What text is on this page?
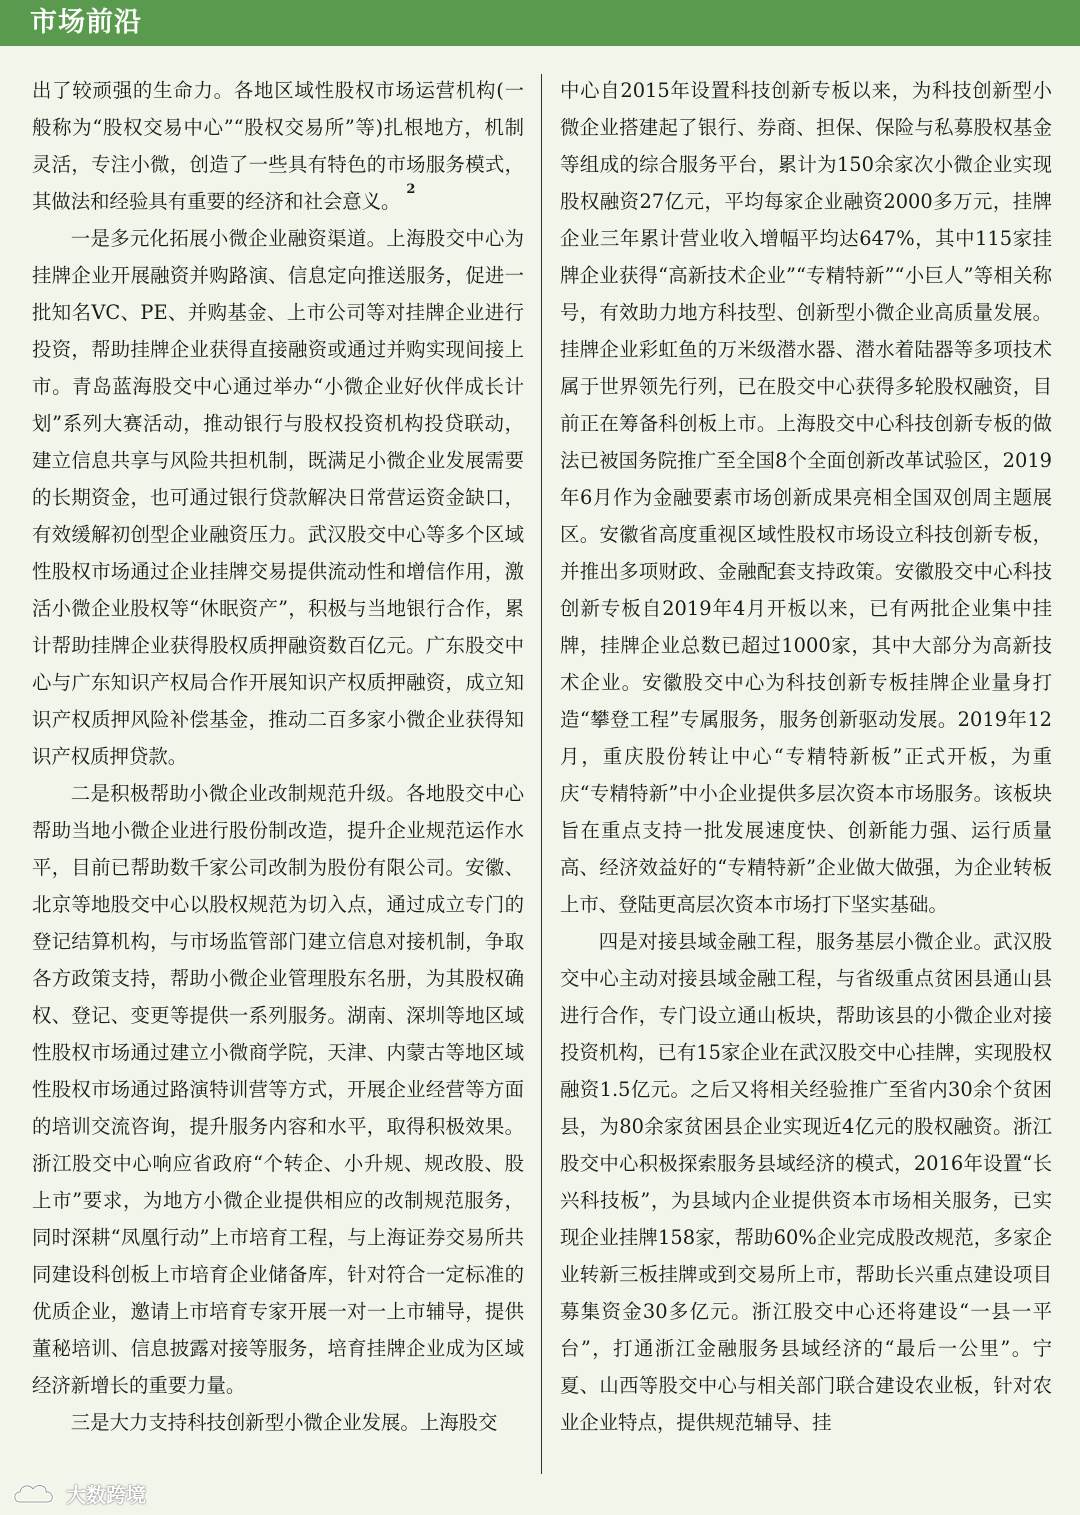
市场前沿

出了较顽强的生命力。各地区域性股权市场运营机构(一般称为“股权交易中心”“股权交易所”等)扎根地方，机制灵活，专注小微，创造了一些具有特色的市场服务模式，其做法和经验具有重要的经济和社会意义。$^2$

一是多元化拓展小微企业融资渠道。上海股交中心为挂牌企业开展融资并购路演、信息定向推送服务，促进一批知名VC、PE、并购基金、上市公司等对挂牌企业进行投资，帮助挂牌企业获得直接融资或通过并购实现间接上市。青岛蓝海股交中心通过举办“小微企业好伙伴成长计划”系列大赛活动，推动银行与股权投资机构投贷联动，建立信息共享与风险共担机制，既满足小微企业发展需要的长期资金，也可通过银行贷款解决日常营运资金缺口，有效缓解初创型企业融资压力。武汉股交中心等多个区域性股权市场通过企业挂牌交易提供流动性和增信作用，激活小微企业股权等“休眠资产”，积极与当地银行合作，累计帮助挂牌企业获得股权质押融资数百亿元。广东股交中心与广东知识产权局合作开展知识产权质押融资，成立知识产权质押风险补偿基金，推动二百多家小微企业获得知识产权质押贷款。

二是积极帮助小微企业改制规范升级。各地股交中心帮助当地小微企业进行股份制改造，提升企业规范运作水平，目前已帮助数千家公司改制为股份有限公司。安徽、北京等地股交中心以股权规范为切入点，通过成立专门的登记结算机构，与市场监管部门建立信息对接机制，争取各方政策支持，帮助小微企业管理股东名册，为其股权确权、登记、变更等提供一系列服务。湖南、深圳等地区域性股权市场通过建立小微商学院，天津、内蒙古等地区域性股权市场通过路演特训营等方式，开展企业经营等方面的培训交流咨询，提升服务内容和水平，取得积极效果。浙江股交中心响应省政府“个转企、小升规、规改股、股上市”要求，为地方小微企业提供相应的改制规范服务，同时深耕“凤凰行动”上市培育工程，与上海证券交易所共同建设科创板上市培育企业储备库，针对符合一定标准的优质企业，邀请上市培育专家开展一对一上市辅导，提供董秘培训、信息披露对接等服务，培育挂牌企业成为区域经济新增长的重要力量。

三是大力支持科技创新型小微企业发展。上海股交

中心自2015年设置科技创新专板以来，为科技创新型小微企业搭建起了银行、券商、担保、保险与私募股权基金等组成的综合服务平台，累计为150余家次小微企业实现股权融资27亿元，平均每家企业融资2000多万元，挂牌企业三年累计营业收入增幅平均达647%，其中115家挂牌企业获得“高新技术企业”“专精特新”“小巨人”等相关称号，有效助力地方科技型、创新型小微企业高质量发展。挂牌企业彩虹鱼的万米级潜水器、潜水着陆器等多项技术属于世界领先行列，已在股交中心获得多轮股权融资，目前正在筹备科创板上市。上海股交中心科技创新专板的做法已被国务院推广至全国8个全面创新改革试验区，2019年6月作为金融要素市场创新成果亮相全国双创周主题展区。安徽省高度重视区域性股权市场设立科技创新专板，并推出多项财政、金融配套支持政策。安徽股交中心科技创新专板自2019年4月开板以来，已有两批企业集中挂牌，挂牌企业总数已超过1000家，其中大部分为高新技术企业。安徽股交中心为科技创新专板挂牌企业量身打造“攀登工程”专属服务，服务创新驱动发展。2019年12月，重庆股份转让中心“专精特新板”正式开板，为重庆“专精特新”中小企业提供多层次资本市场服务。该板块旨在重点支持一批发展速度快、创新能力强、运行质量高、经济效益好的“专精特新”企业做大做强，为企业转板上市、登陆更高层次资本市场打下坚实基础。

四是对接县域金融工程，服务基层小微企业。武汉股交中心主动对接县域金融工程，与省级重点贫困县通山县进行合作，专门设立通山板块，帮助该县的小微企业对接投资机构，已有15家企业在武汉股交中心挂牌，实现股权融资1.5亿元。之后又将相关经验推广至省内30余个贫困县，为80余家贫困县企业实现近4亿元的股权融资。浙江股交中心积极探索服务县域经济的模式，2016年设置“长兴科技板”，为县域内企业提供资本市场相关服务，已实现企业挂牌158家，帮助60%企业完成股改规范，多家企业转新三板挂牌或到交易所上市，帮助长兴重点建设项目募集资金30多亿元。浙江股交中心还将建设“一县一平台”，打通浙江金融服务县域经济的“最后一公里”。宁夏、山西等股交中心与相关部门联合建设农业板，针对农业企业特点，提供规范辅导、挂

大数跨境
